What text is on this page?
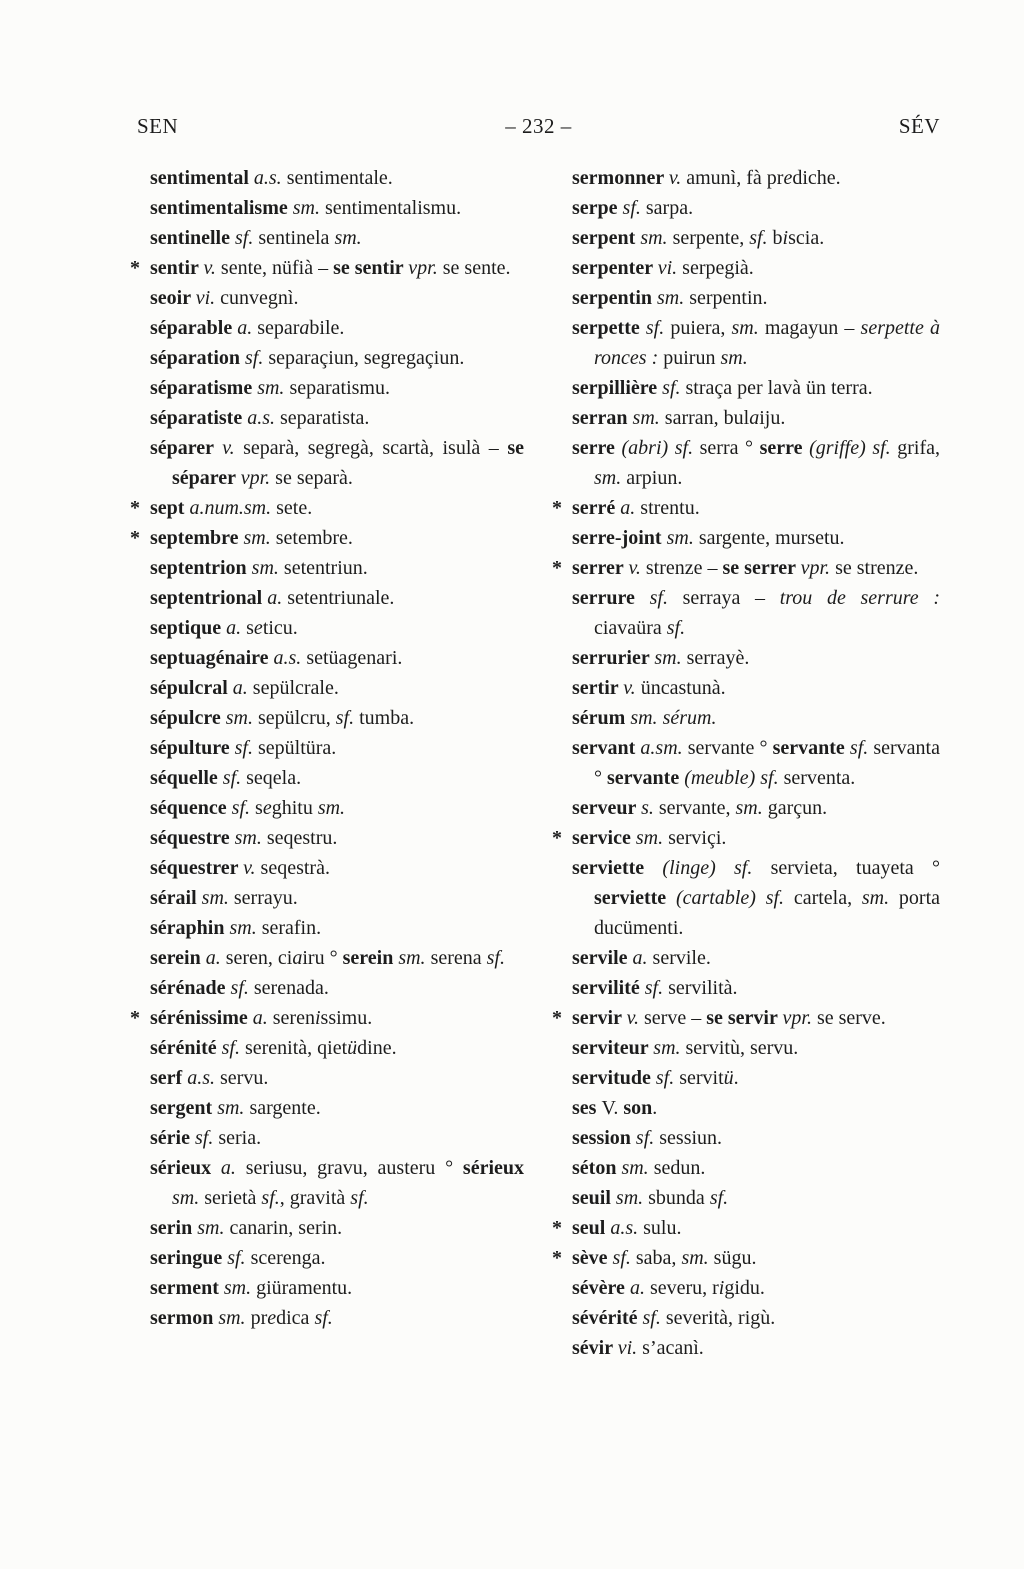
SEN	– 232 –	SÉV
sentimental a.s. sentimentale.
sentimentalisme sm. sentimentalismu.
sentinelle sf. sentinela sm.
* sentir v. sente, nüfià – se sentir vpr. se sente.
seoir vi. cunvegnì.
séparable a. separabile.
séparation sf. separaçiun, segregaçiun.
séparatisme sm. separatismu.
séparatiste a.s. separatista.
séparer v. separà, segregà, scartà, isulà – se séparer vpr. se separà.
* sept a.num.sm. sete.
* septembre sm. setembre.
septentrion sm. setentriun.
septentrional a. setentriunale.
septique a. seticu.
septuagénaire a.s. setüagenari.
sépulcral a. sepülcrale.
sépulcre sm. sepülcru, sf. tumba.
sépulture sf. sepültüra.
séquelle sf. seqela.
séquence sf. seghitu sm.
séquestre sm. seqestru.
séquestrer v. seqestrà.
sérail sm. serrayu.
séraphin sm. serafin.
serein a. seren, ciairu ° serein sm. serena sf.
sérénade sf. serenada.
* sérénissime a. serenissimu.
sérénité sf. serenità, qietüdine.
serf a.s. servu.
sergent sm. sargente.
série sf. seria.
sérieux a. seriusu, gravu, austeru ° sérieux sm. serietà sf., gravità sf.
serin sm. canarin, serin.
seringue sf. scerenga.
serment sm. giüramentu.
sermon sm. predica sf.
sermonner v. amunì, fà prediche.
serpe sf. sarpa.
serpent sm. serpente, sf. biscia.
serpenter vi. serpegià.
serpentin sm. serpentin.
serpette sf. puiera, sm. magayun – serpette à ronces : puirun sm.
serpillière sf. straça per lavà ün terra.
serran sm. sarran, bulaiju.
serre (abri) sf. serra ° serre (griffe) sf. grifa, sm. arpiun.
* serré a. strentu.
serre-joint sm. sargente, mursetu.
* serrer v. strenze – se serrer vpr. se strenze.
serrure sf. serraya – trou de serrure : ciavaüra sf.
serrurier sm. serrayè.
sertir v. üncastunà.
sérum sm. sérum.
servant a.sm. servante ° servante sf. servanta ° servante (meuble) sf. serventa.
serveur s. servante, sm. garçun.
* service sm. serviçi.
serviette (linge) sf. servieta, tuayeta ° serviette (cartable) sf. cartela, sm. porta ducümenti.
servile a. servile.
servilité sf. servilità.
* servir v. serve – se servir vpr. se serve.
serviteur sm. servitù, servu.
servitude sf. servitü.
ses V. son.
session sf. sessiun.
séton sm. sedun.
seuil sm. sbunda sf.
* seul a.s. sulu.
* sève sf. saba, sm. sügu.
sévère a. severu, rigidu.
sévérité sf. severità, rigù.
sévir vi. s’acanì.
